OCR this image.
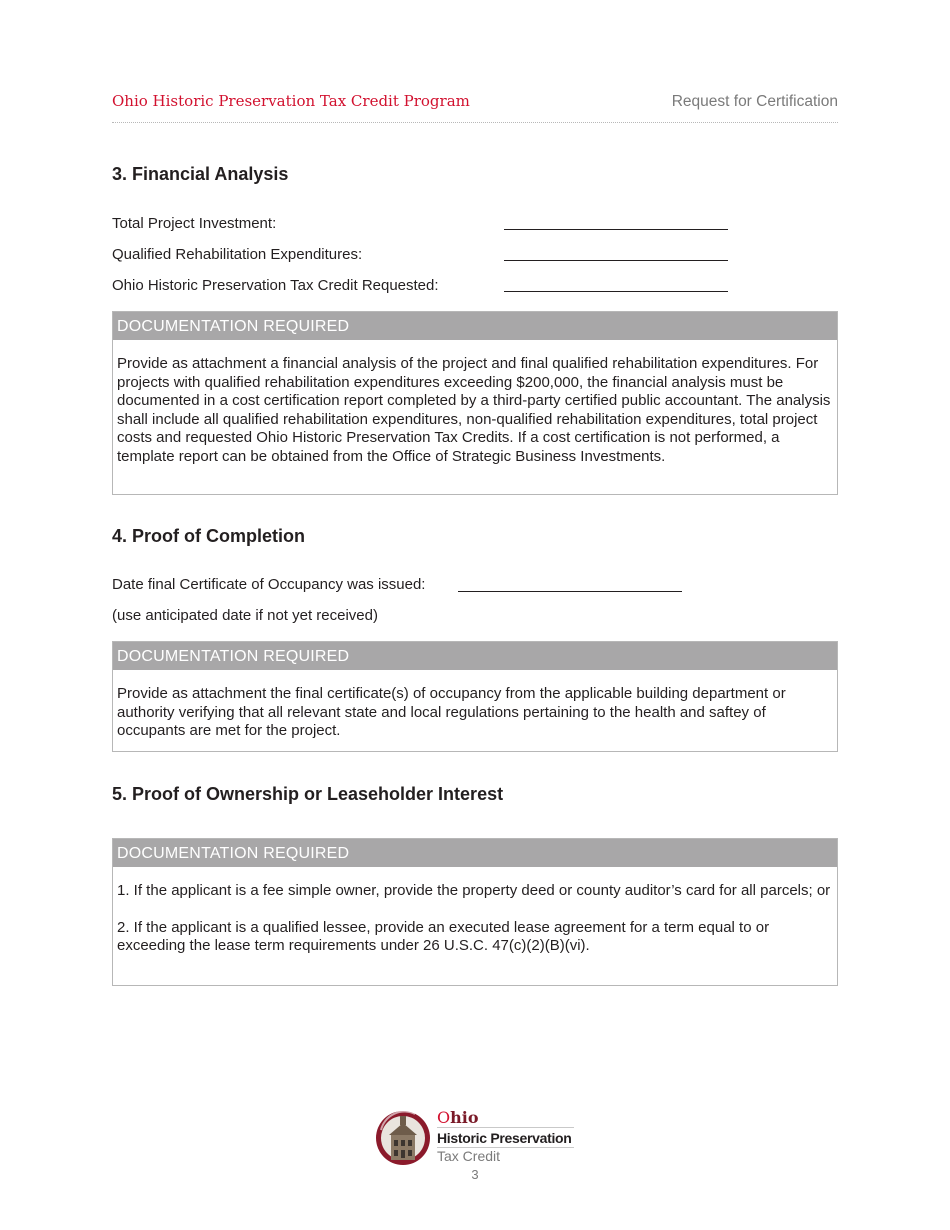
Ohio Historic Preservation Tax Credit Program	Request for Certification
3. Financial Analysis
Total Project Investment:
Qualified Rehabilitation Expenditures:
Ohio Historic Preservation Tax Credit Requested:
DOCUMENTATION REQUIRED

Provide as attachment a financial analysis of the project and final qualified rehabilitation expenditures. For projects with qualified rehabilitation expenditures exceeding $200,000, the financial analysis must be documented in a cost certification report completed by a third-party certified public accountant. The analysis shall include all qualified rehabilitation expenditures, non-qualified rehabilitation expenditures, total project costs and requested Ohio Historic Preservation Tax Credits. If a cost certification is not performed, a template report can be obtained from the Office of Strategic Business Investments.

4. Proof of Completion
Date final Certificate of Occupancy was issued:
(use anticipated date if not yet received)
DOCUMENTATION REQUIRED

Provide as attachment the final certificate(s) of occupancy from the applicable building department or authority verifying that all relevant state and local regulations pertaining to the health and saftey of occupants are met for the project.

5. Proof of Ownership or Leaseholder Interest
DOCUMENTATION REQUIRED

1. If the applicant is a fee simple owner, provide the property deed or county auditor’s card for all parcels; or

2. If the applicant is a qualified lessee, provide an executed lease agreement for a term equal to or exceeding the lease term requirements under 26 U.S.C. 47(c)(2)(B)(vi).

Ohio
Historic Preservation
Tax Credit
3
